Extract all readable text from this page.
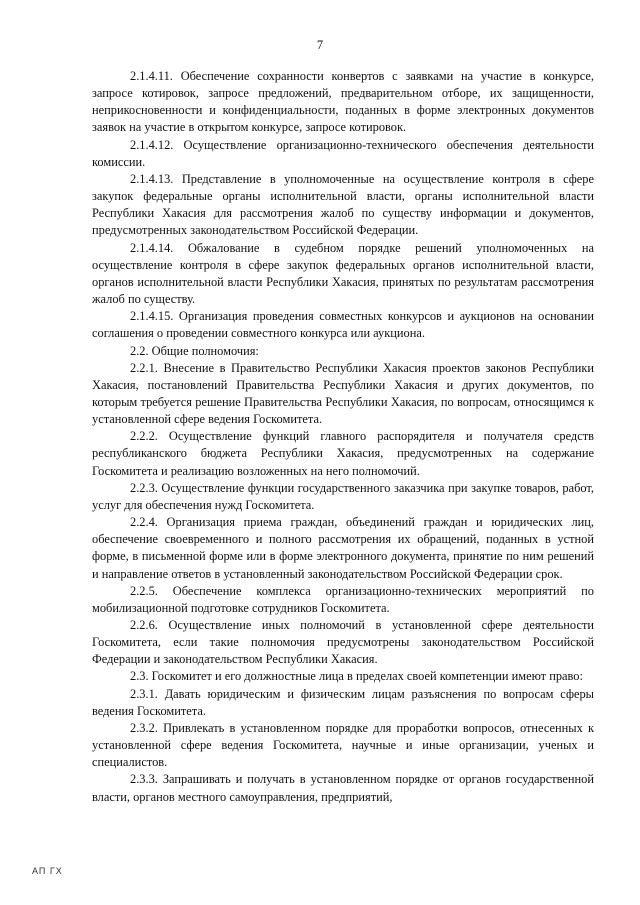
7

2.1.4.11. Обеспечение сохранности конвертов с заявками на участие в конкурсе, запросе котировок, запросе предложений, предварительном отборе, их защищенности, неприкосновенности и конфиденциальности, поданных в форме электронных документов заявок на участие в открытом конкурсе, запросе котировок.

2.1.4.12. Осуществление организационно-технического обеспечения деятельности комиссии.

2.1.4.13. Представление в уполномоченные на осуществление контроля в сфере закупок федеральные органы исполнительной власти, органы исполнительной власти Республики Хакасия для рассмотрения жалоб по существу информации и документов, предусмотренных законодательством Российской Федерации.

2.1.4.14. Обжалование в судебном порядке решений уполномоченных на осуществление контроля в сфере закупок федеральных органов исполнительной власти, органов исполнительной власти Республики Хакасия, принятых по результатам рассмотрения жалоб по существу.

2.1.4.15. Организация проведения совместных конкурсов и аукционов на основании соглашения о проведении совместного конкурса или аукциона.

2.2. Общие полномочия:

2.2.1. Внесение в Правительство Республики Хакасия проектов законов Республики Хакасия, постановлений Правительства Республики Хакасия и других документов, по которым требуется решение Правительства Республики Хакасия, по вопросам, относящимся к установленной сфере ведения Госкомитета.

2.2.2. Осуществление функций главного распорядителя и получателя средств республиканского бюджета Республики Хакасия, предусмотренных на содержание Госкомитета и реализацию возложенных на него полномочий.

2.2.3. Осуществление функции государственного заказчика при закупке товаров, работ, услуг для обеспечения нужд Госкомитета.

2.2.4. Организация приема граждан, объединений граждан и юридических лиц, обеспечение своевременного и полного рассмотрения их обращений, поданных в устной форме, в письменной форме или в форме электронного документа, принятие по ним решений и направление ответов в установленный законодательством Российской Федерации срок.

2.2.5. Обеспечение комплекса организационно-технических мероприятий по мобилизационной подготовке сотрудников Госкомитета.

2.2.6. Осуществление иных полномочий в установленной сфере деятельности Госкомитета, если такие полномочия предусмотрены законодательством Российской Федерации и законодательством Республики Хакасия.

2.3. Госкомитет и его должностные лица в пределах своей компетенции имеют право:

2.3.1. Давать юридическим и физическим лицам разъяснения по вопросам сферы ведения Госкомитета.

2.3.2. Привлекать в установленном порядке для проработки вопросов, отнесенных к установленной сфере ведения Госкомитета, научные и иные организации, ученых и специалистов.

2.3.3. Запрашивать и получать в установленном порядке от органов государственной власти, органов местного самоуправления, предприятий,

АП ГХ
